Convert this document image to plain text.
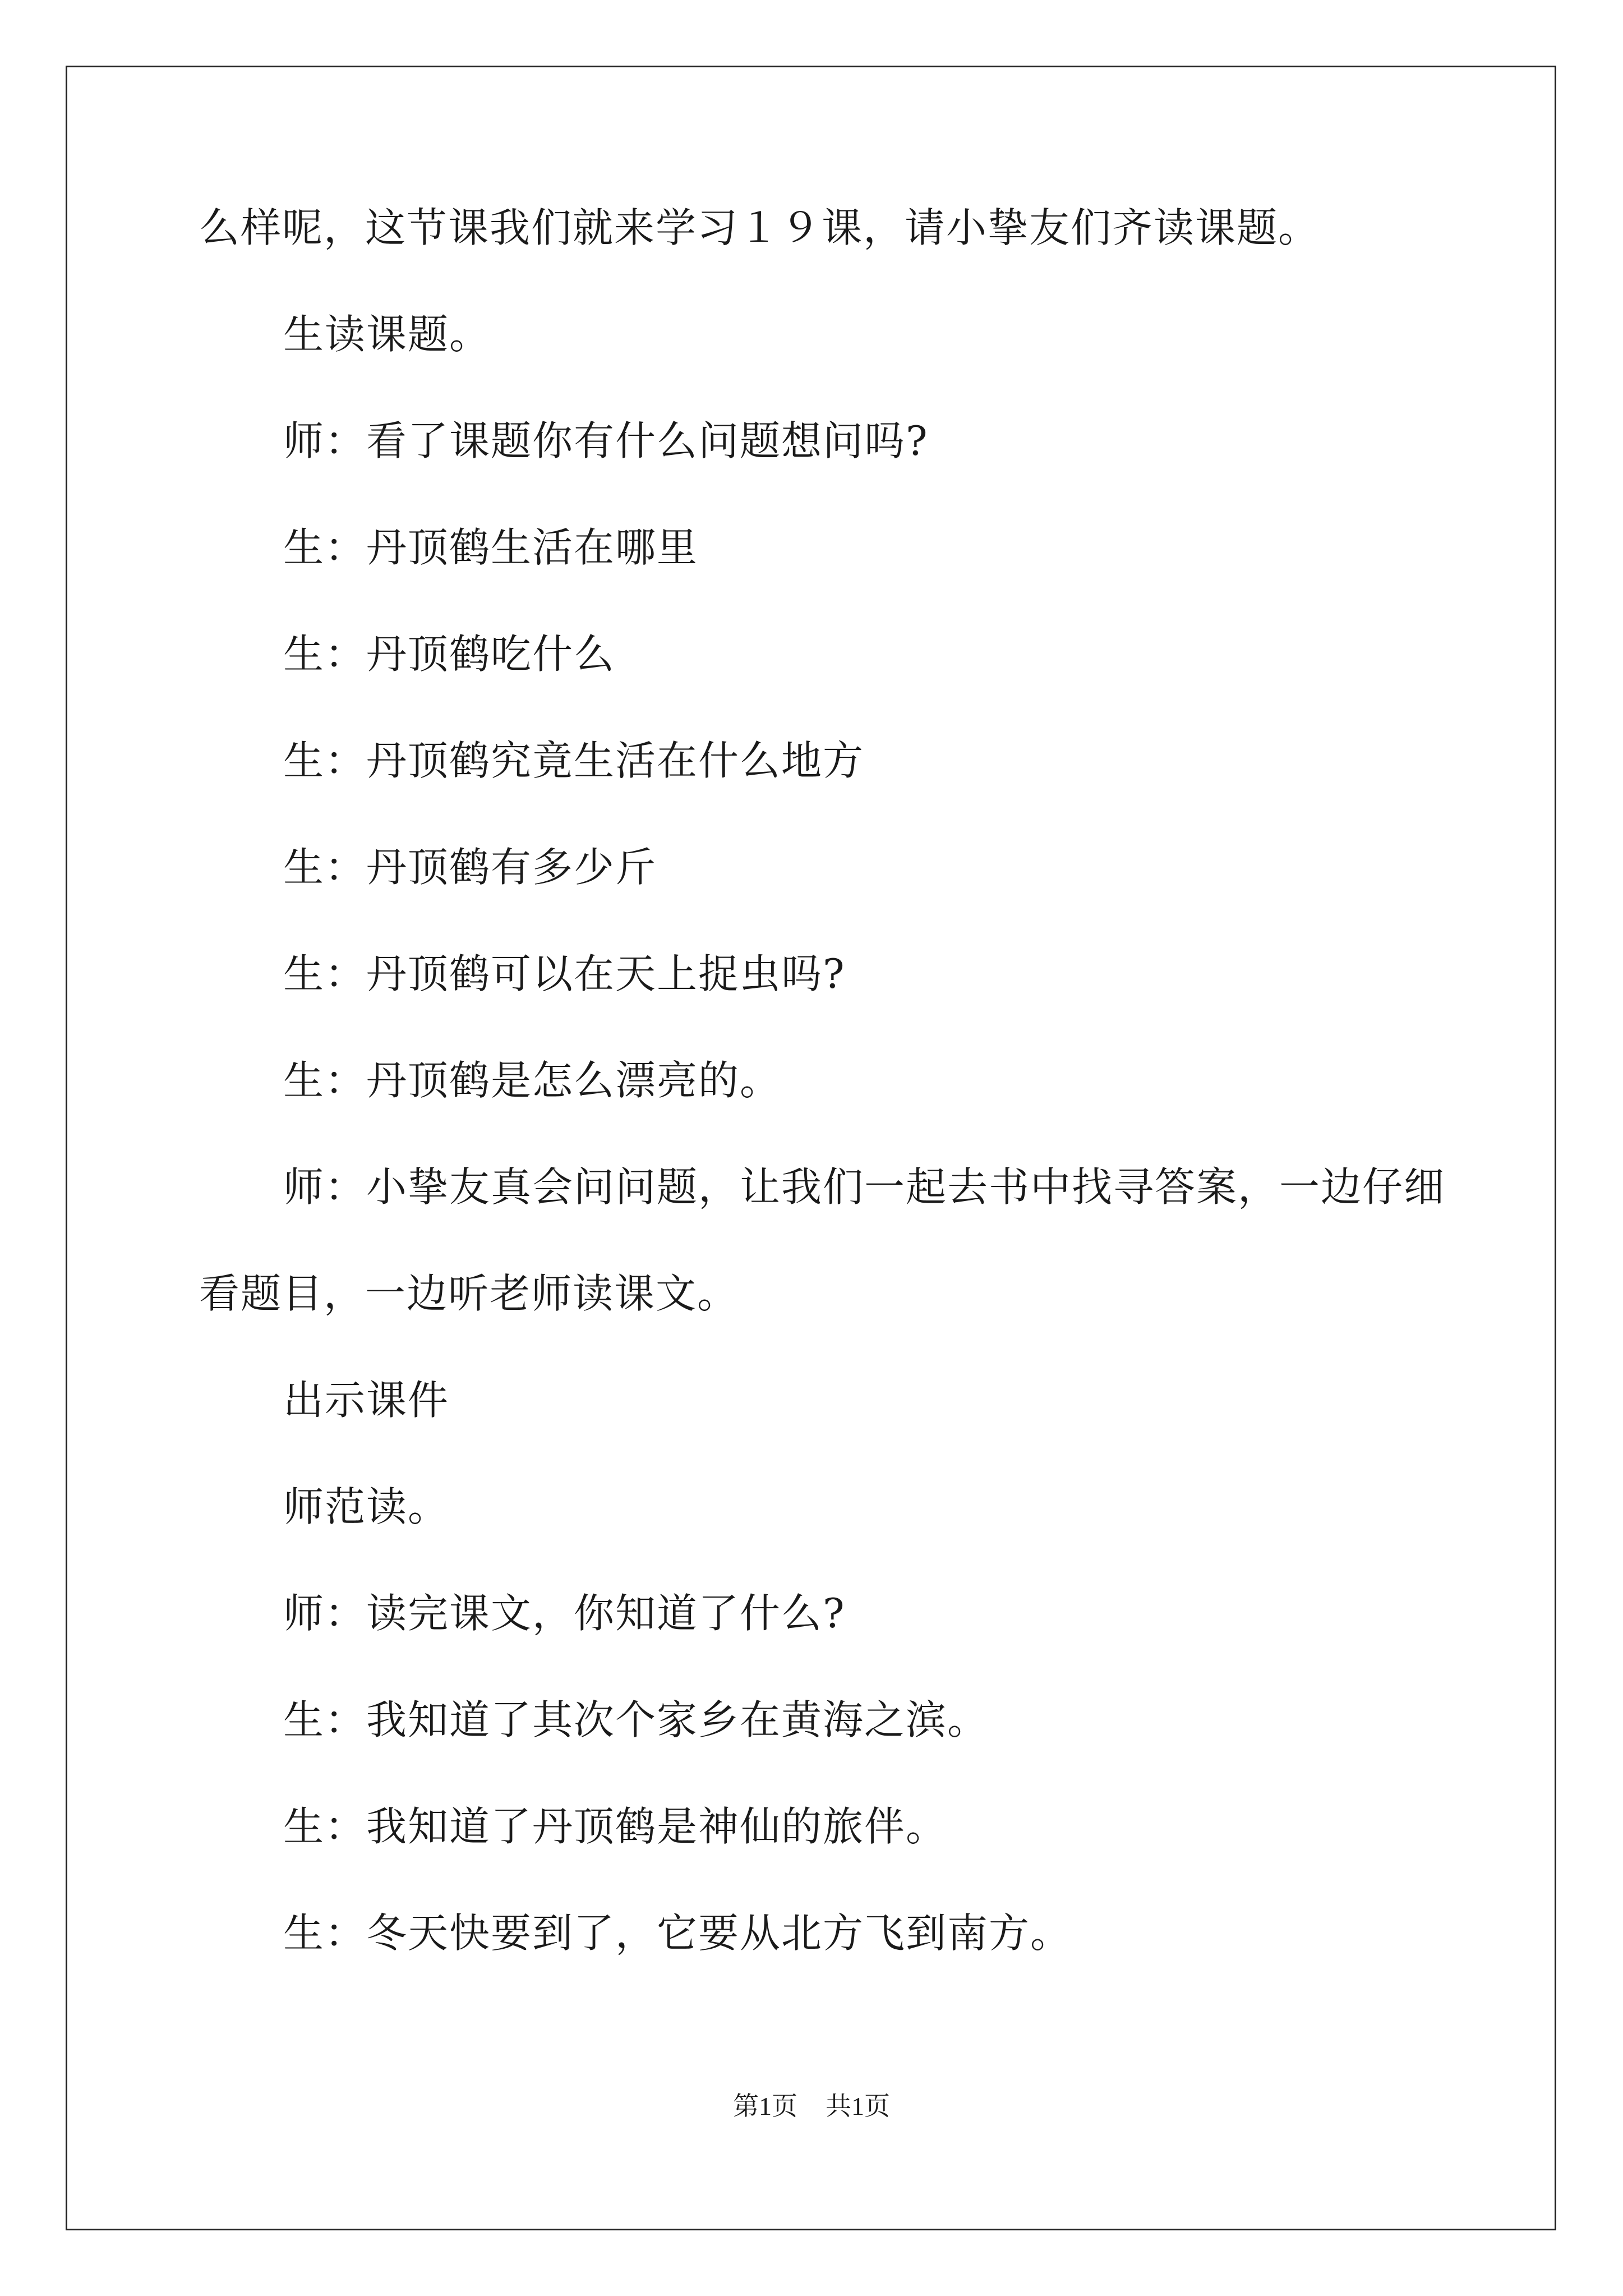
么样呢，这节课我们就来学习１９课，请小挚友们齐读课题。

生读课题。

师：看了课题你有什么问题想问吗?

生：丹顶鹤生活在哪里

生：丹顶鹤吃什么

生：丹顶鹤究竟生活在什么地方

生：丹顶鹤有多少斤

生：丹顶鹤可以在天上捉虫吗?

生：丹顶鹤是怎么漂亮的。

师：小挚友真会问问题，让我们一起去书中找寻答案，一边仔细

看题目，一边听老师读课文。

出示课件

师范读。

师：读完课文，你知道了什么?

生：我知道了其次个家乡在黄海之滨。

生：我知道了丹顶鹤是神仙的旅伴。

生：冬天快要到了，它要从北方飞到南方。

第1页 共1页
